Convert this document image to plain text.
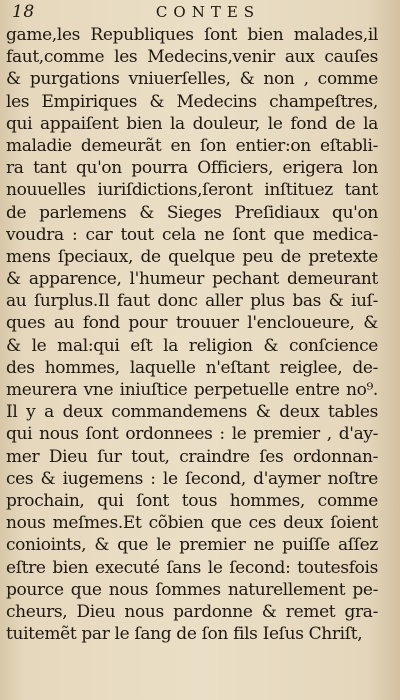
18	CONTES
game,les Republiques ſont bien malades,il
faut,comme les Medecins,venir aux cauſes
& purgations vniuerſelles, & non , comme
les Empiriques & Medecins champeſtres,
qui appaiſent bien la douleur, le fond de la
maladie demeurãt en ſon entier:on eſtabli-
ra tant qu'on pourra Officiers, erigera lon
nouuelles iuriſdictions,ſeront inſtituez tant
de parlemens & Sieges Preſidiaux qu'on
voudra : car tout cela ne ſont que medica-
mens ſpeciaux, de quelque peu de pretexte
& apparence, l'humeur pechant demeurant
au ſurplus.Il faut donc aller plus bas & iuſ-
ques au fond pour trouuer l'encloueure, &
& le mal:qui eſt la religion & conſcience
des hommes, laquelle n'eſtant reiglee, de-
meurera vne iniuſtice perpetuelle entre no⁹.
Il y a deux commandemens & deux tables
qui nous ſont ordonnees : le premier , d'ay-
mer Dieu ſur tout, craindre ſes ordonnan-
ces & iugemens : le ſecond, d'aymer noſtre
prochain, qui ſont tous hommes, comme
nous meſmes.Et cõbien que ces deux ſoient
conioints, & que le premier ne puiſſe aſſez
eſtre bien executé ſans le ſecond: toutesfois
pource que nous ſommes naturellement pe-
cheurs, Dieu nous pardonne & remet gra-
tuitemẽt par le ſang de ſon fils Ieſus Chriſt,
